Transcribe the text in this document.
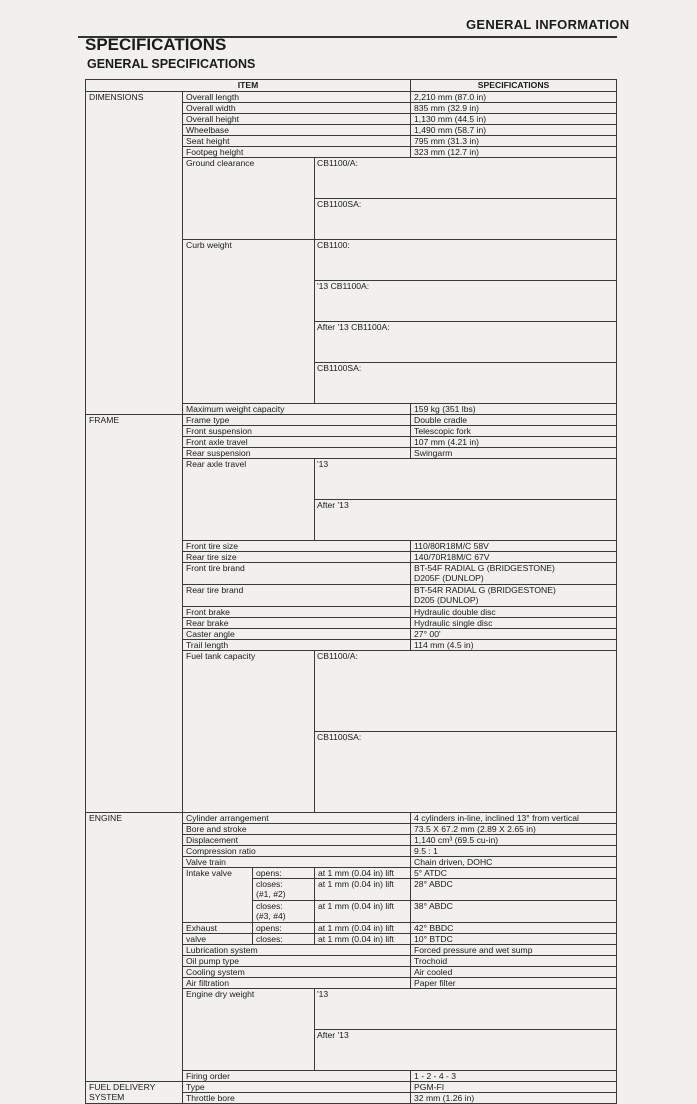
GENERAL INFORMATION
SPECIFICATIONS
GENERAL SPECIFICATIONS
ITEM				SPECIFICATIONS	

DIMENSIONS	Overall length			2,210 mm (87.0 in)	

	Overall width			835 mm (32.9 in)	

	Overall height			1,130 mm (44.5 in)	

	Wheelbase			1,490 mm (58.7 in)	

	Seat height			795 mm (31.3 in)	

	Footpeg height			323 mm (12.7 in)	

	Ground clearance		CB1100/A:	

			CB1100SA:	

	Curb weight		CB1100:	

			'13 CB1100A:	

			After '13 CB1100A:	

			CB1100SA:	

	Maximum weight capacity			159 kg (351 lbs)	

FRAME	Frame type			Double cradle	

	Front suspension			Telescopic fork	

	Front axle travel			107 mm (4.21 in)	

	Rear suspension			Swingarm	

	Rear axle travel		'13	

			After '13	

	Front tire size			110/80R18M/C 58V	

	Rear tire size			140/70R18M/C 67V	

	Front tire brand			BT-54F RADIAL G (BRIDGESTONE)
D205F (DUNLOP)	

	Rear tire brand			BT-54R RADIAL G (BRIDGESTONE)
D205 (DUNLOP)	

	Front brake			Hydraulic double disc	

	Rear brake			Hydraulic single disc	

	Caster angle			27° 00'	

	Trail length			114 mm (4.5 in)	

	Fuel tank capacity		CB1100/A:	

			CB1100SA:	

ENGINE	Cylinder arrangement			4 cylinders in-line, inclined 13° from vertical	

	Bore and stroke			73.5 X 67.2 mm (2.89 X 2.65 in)	

	Displacement			1,140 cm³ (69.5 cu-in)	

	Compression ratio			9.5 : 1	

	Valve train			Chain driven, DOHC	

	Intake valve	opens:	at 1 mm (0.04 in) lift	5° ATDC	

		closes:
(#1, #2)	at 1 mm (0.04 in) lift	28° ABDC	

		closes:
(#3, #4)	at 1 mm (0.04 in) lift	38° ABDC	

	Exhaust	opens:	at 1 mm (0.04 in) lift	42° BBDC	

	valve	closes:	at 1 mm (0.04 in) lift	10° BTDC	

	Lubrication system			Forced pressure and wet sump	

	Oil pump type			Trochoid	

	Cooling system			Air cooled	

	Air filtration			Paper filter	

	Engine dry weight		'13	

			After '13	

	Firing order			1 - 2 - 4 - 3	

FUEL DELIVERY
SYSTEM	Type			PGM-FI	

	Throttle bore			32 mm (1.26 in)	
